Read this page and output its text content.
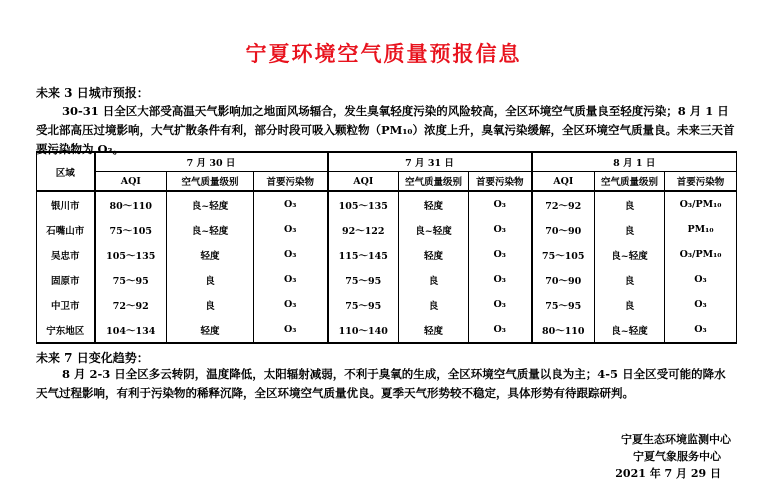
宁夏环境空气质量预报信息
未来 3 日城市预报：
30-31 日全区大部受高温天气影响加之地面风场辐合，发生臭氧轻度污染的风险较高，全区环境空气质量良至轻度污染；8 月 1 日受北部高压过境影响，大气扩散条件有利，部分时段可吸入颗粒物（PM₁₀）浓度上升，臭氧污染缓解，全区环境空气质量良。未来三天首要污染物为 O₃。
区域	7 月 30 日			7 月 31 日			8 月 1 日		
	AQI	空气质量级别	首要污染物	AQI	空气质量级别	首要污染物	AQI	空气质量级别	首要污染物
银川市	80～110	良~轻度	O₃	105～135	轻度	O₃	72～92	良	O₃/PM₁₀
石嘴山市	75～105	良~轻度	O₃	92～122	良~轻度	O₃	70～90	良	PM₁₀
吴忠市	105～135	轻度	O₃	115～145	轻度	O₃	75～105	良~轻度	O₃/PM₁₀
固原市	75～95	良	O₃	75～95	良	O₃	70～90	良	O₃
中卫市	72～92	良	O₃	75～95	良	O₃	75～95	良	O₃
宁东地区	104～134	轻度	O₃	110～140	轻度	O₃	80～110	良~轻度	O₃
未来 7 日变化趋势：
8 月 2-3 日全区多云转阴，温度降低，太阳辐射减弱，不利于臭氧的生成，全区环境空气质量以良为主；4-5 日全区受可能的降水天气过程影响，有利于污染物的稀释沉降，全区环境空气质量优良。夏季天气形势较不稳定，具体形势有待跟踪研判。
宁夏生态环境监测中心
宁夏气象服务中心
2021 年 7 月 29 日
